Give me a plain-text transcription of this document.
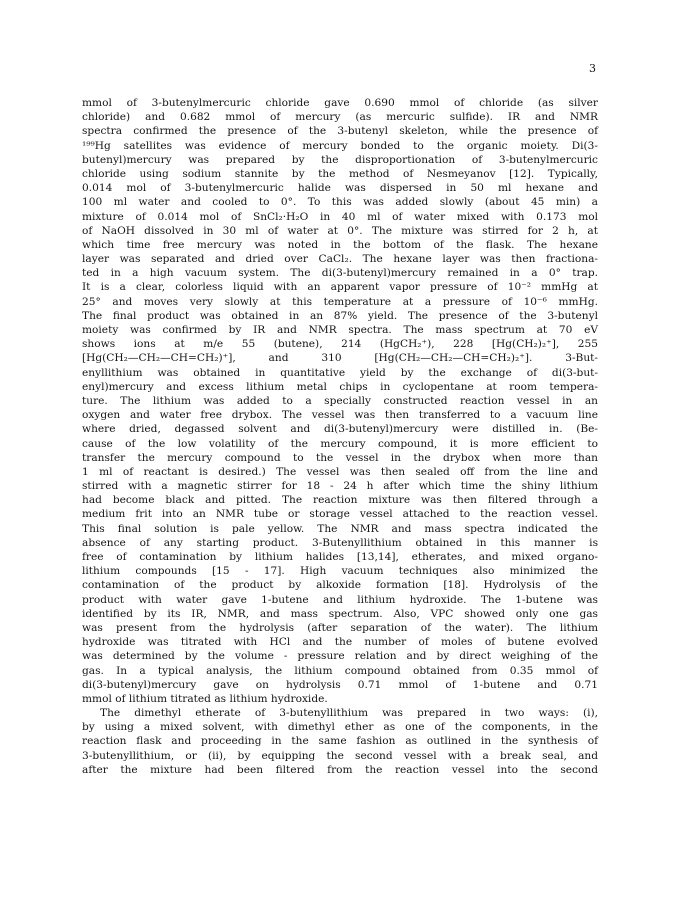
3
mmol of 3-butenylmercuric chloride gave 0.690 mmol of chloride (as silver
chloride) and 0.682 mmol of mercury (as mercuric sulfide). IR and NMR
spectra confirmed the presence of the 3-butenyl skeleton, while the presence of
¹⁹⁹Hg satellites was evidence of mercury bonded to the organic moiety. Di(3-
butenyl)mercury was prepared by the disproportionation of 3-butenylmercuric
chloride using sodium stannite by the method of Nesmeyanov [12]. Typically,
0.014 mol of 3-butenylmercuric halide was dispersed in 50 ml hexane and
100 ml water and cooled to 0°. To this was added slowly (about 45 min) a
mixture of 0.014 mol of SnCl₂·H₂O in 40 ml of water mixed with 0.173 mol
of NaOH dissolved in 30 ml of water at 0°. The mixture was stirred for 2 h, at
which time free mercury was noted in the bottom of the flask. The hexane
layer was separated and dried over CaCl₂. The hexane layer was then fractiona-
ted in a high vacuum system. The di(3-butenyl)mercury remained in a 0° trap.
It is a clear, colorless liquid with an apparent vapor pressure of 10⁻² mmHg at
25° and moves very slowly at this temperature at a pressure of 10⁻⁶ mmHg.
The final product was obtained in an 87% yield. The presence of the 3-butenyl
moiety was confirmed by IR and NMR spectra. The mass spectrum at 70 eV
shows ions at m/e 55 (butene), 214 (HgCH₂⁺), 228 [Hg(CH₂)₂⁺], 255
[Hg(CH₂—CH₂—CH=CH₂)⁺], and 310 [Hg(CH₂—CH₂—CH=CH₂)₂⁺]. 3-But-
enyllithium was obtained in quantitative yield by the exchange of di(3-but-
enyl)mercury and excess lithium metal chips in cyclopentane at room tempera-
ture. The lithium was added to a specially constructed reaction vessel in an
oxygen and water free drybox. The vessel was then transferred to a vacuum line
where dried, degassed solvent and di(3-butenyl)mercury were distilled in. (Be-
cause of the low volatility of the mercury compound, it is more efficient to
transfer the mercury compound to the vessel in the drybox when more than
1 ml of reactant is desired.) The vessel was then sealed off from the line and
stirred with a magnetic stirrer for 18 - 24 h after which time the shiny lithium
had become black and pitted. The reaction mixture was then filtered through a
medium frit into an NMR tube or storage vessel attached to the reaction vessel.
This final solution is pale yellow. The NMR and mass spectra indicated the
absence of any starting product. 3-Butenyllithium obtained in this manner is
free of contamination by lithium halides [13,14], etherates, and mixed organo-
lithium compounds [15 - 17]. High vacuum techniques also minimized the
contamination of the product by alkoxide formation [18]. Hydrolysis of the
product with water gave 1-butene and lithium hydroxide. The 1-butene was
identified by its IR, NMR, and mass spectrum. Also, VPC showed only one gas
was present from the hydrolysis (after separation of the water). The lithium
hydroxide was titrated with HCl and the number of moles of butene evolved
was determined by the volume - pressure relation and by direct weighing of the
gas. In a typical analysis, the lithium compound obtained from 0.35 mmol of
di(3-butenyl)mercury gave on hydrolysis 0.71 mmol of 1-butene and 0.71
mmol of lithium titrated as lithium hydroxide.
The dimethyl etherate of 3-butenyllithium was prepared in two ways: (i),
by using a mixed solvent, with dimethyl ether as one of the components, in the
reaction flask and proceeding in the same fashion as outlined in the synthesis of
3-butenyllithium, or (ii), by equipping the second vessel with a break seal, and
after the mixture had been filtered from the reaction vessel into the second
